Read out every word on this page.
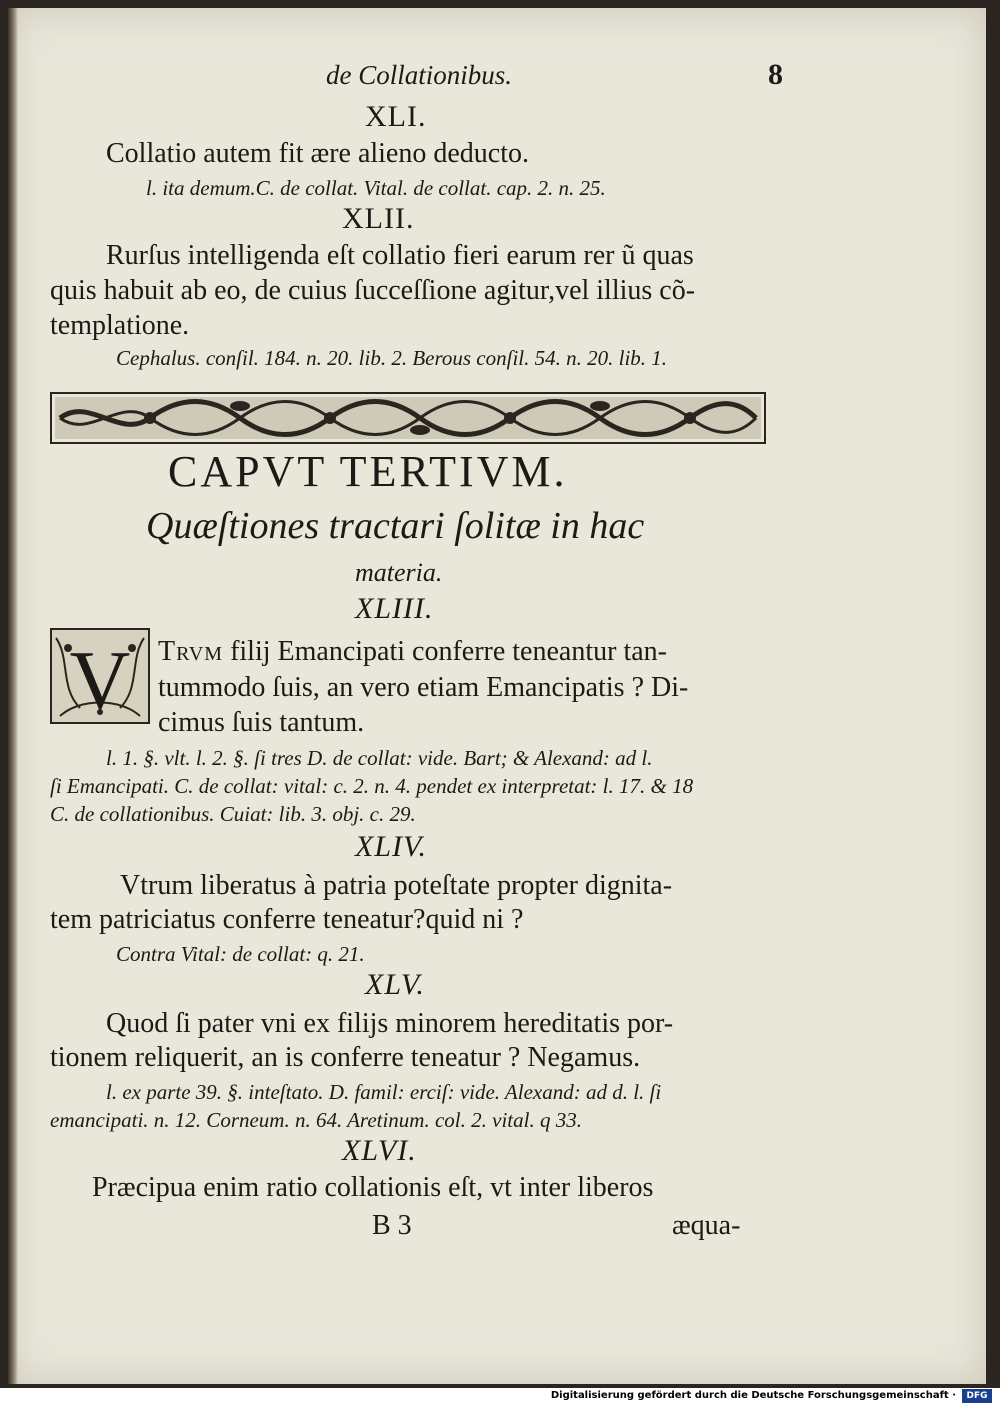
de Collationibus.	8
XLI.
Collatio autem fit ære alieno deducto.
l. ita demum.C. de collat. Vital. de collat. cap. 2. n. 25.
XLII.
Rurſus intelligenda eſt collatio fieri earum rer ũ quas
quis habuit ab eo, de cuius ſucceſſione agitur,vel illius cõ-
templatione.
Cephalus. conſil. 184. n. 20. lib. 2. Berous conſil. 54. n. 20. lib. 1.
CAPVT TERTIVM.
Quæſtiones tractari ſolitæ in hac
materia.
XLIII.
V Trvm filij Emancipati conferre teneantur tan-
tummodo ſuis, an vero etiam Emancipatis ? Di-
cimus ſuis tantum.
l. 1. §. vlt. l. 2. §. ſi tres D. de collat: vide. Bart; & Alexand: ad l.
ſi Emancipati. C. de collat: vital: c. 2. n. 4. pendet ex interpretat: l. 17. & 18
C. de collationibus. Cuiat: lib. 3. obj. c. 29.
XLIV.
Vtrum liberatus à patria poteſtate propter dignita-
tem patriciatus conferre teneatur?quid ni ?
Contra Vital: de collat: q. 21.
XLV.
Quod ſi pater vni ex filijs minorem hereditatis por-
tionem reliquerit, an is conferre teneatur ? Negamus.
l. ex parte 39. §. inteſtato. D. famil: erciſ: vide. Alexand: ad d. l. ſi
emancipati. n. 12. Corneum. n. 64. Aretinum. col. 2. vital. q 33.
XLVI.
Præcipua enim ratio collationis eſt, vt inter liberos
B 3	æqua-
Digitalisierung gefördert durch die Deutsche Forschungsgemeinschaft ·	DFG
